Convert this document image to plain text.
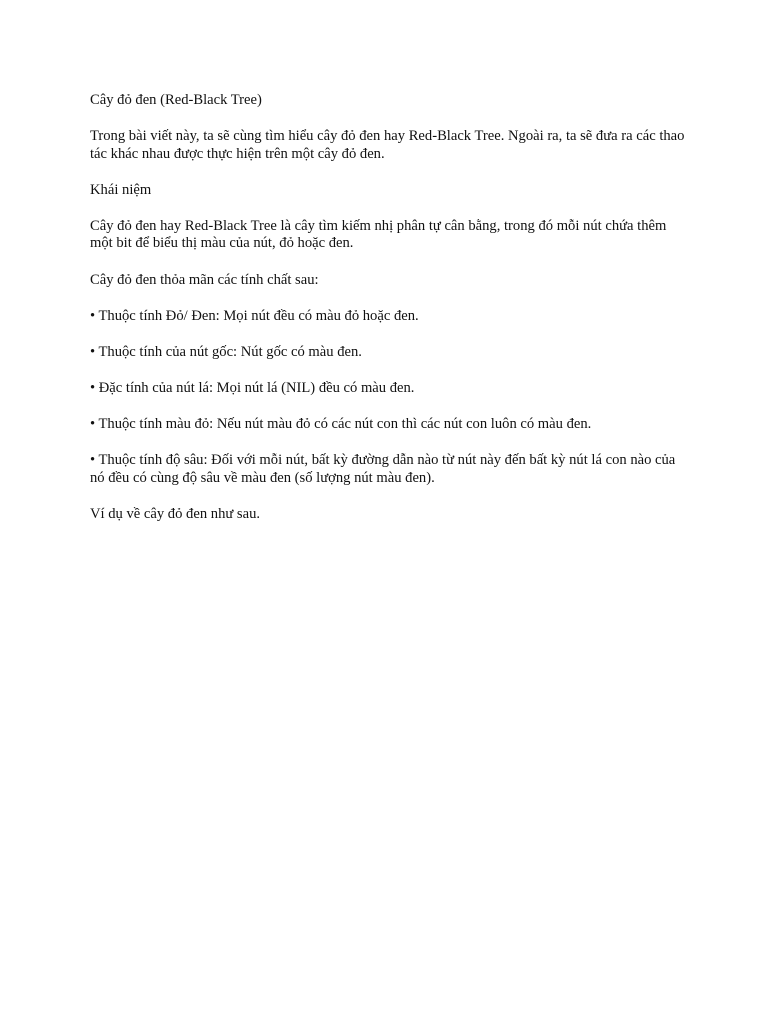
Cây đỏ đen (Red-Black Tree)

Trong bài viết này, ta sẽ cùng tìm hiểu cây đỏ đen hay Red-Black Tree. Ngoài ra, ta sẽ đưa ra các thao tác khác nhau được thực hiện trên một cây đỏ đen.

Khái niệm

Cây đỏ đen hay Red-Black Tree là cây tìm kiếm nhị phân tự cân bằng, trong đó mỗi nút chứa thêm một bit để biểu thị màu của nút, đỏ hoặc đen.

Cây đỏ đen thỏa mãn các tính chất sau:

• Thuộc tính Đỏ/ Đen: Mọi nút đều có màu đỏ hoặc đen.

• Thuộc tính của nút gốc: Nút gốc có màu đen.

• Đặc tính của nút lá: Mọi nút lá (NIL) đều có màu đen.

• Thuộc tính màu đỏ: Nếu nút màu đỏ có các nút con thì các nút con luôn có màu đen.

• Thuộc tính độ sâu: Đối với mỗi nút, bất kỳ đường dẫn nào từ nút này đến bất kỳ nút lá con nào của nó đều có cùng độ sâu về màu đen (số lượng nút màu đen).

Ví dụ về cây đỏ đen như sau.
